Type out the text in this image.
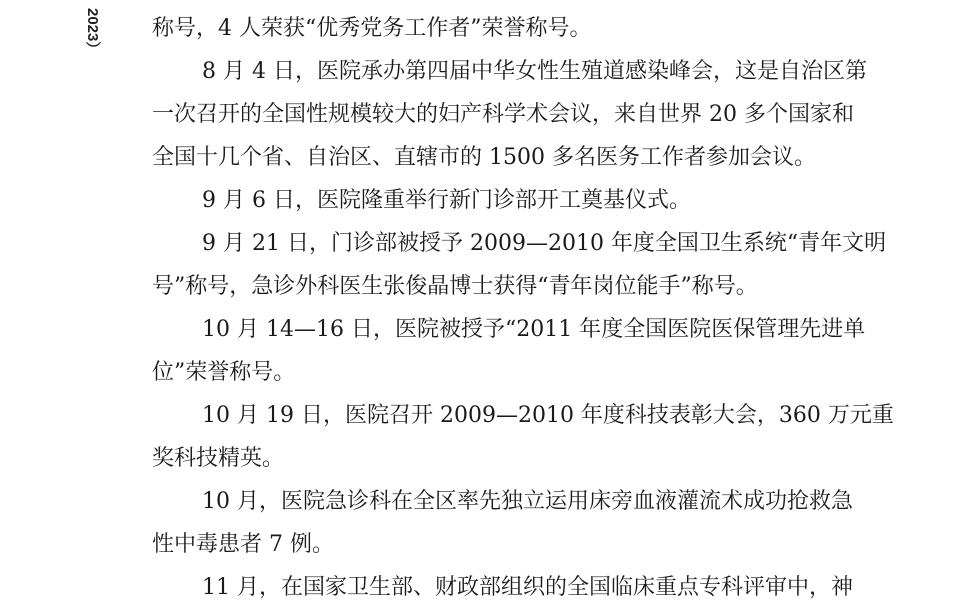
2023） 称号，4 人荣获“优秀党务工作者”荣誉称号。
8 月 4 日，医院承办第四届中华女性生殖道感染峰会，这是自治区第
一次召开的全国性规模较大的妇产科学术会议，来自世界 20 多个国家和
全国十几个省、自治区、直辖市的 1500 多名医务工作者参加会议。
9 月 6 日，医院隆重举行新门诊部开工奠基仪式。
9 月 21 日，门诊部被授予 2009—2010 年度全国卫生系统“青年文明
号”称号，急诊外科医生张俊晶博士获得“青年岗位能手”称号。
10 月 14—16 日，医院被授予“2011 年度全国医院医保管理先进单
位”荣誉称号。
10 月 19 日，医院召开 2009—2010 年度科技表彰大会，360 万元重
奖科技精英。
10 月，医院急诊科在全区率先独立运用床旁血液灌流术成功抢救急
性中毒患者 7 例。
11 月，在国家卫生部、财政部组织的全国临床重点专科评审中，神
